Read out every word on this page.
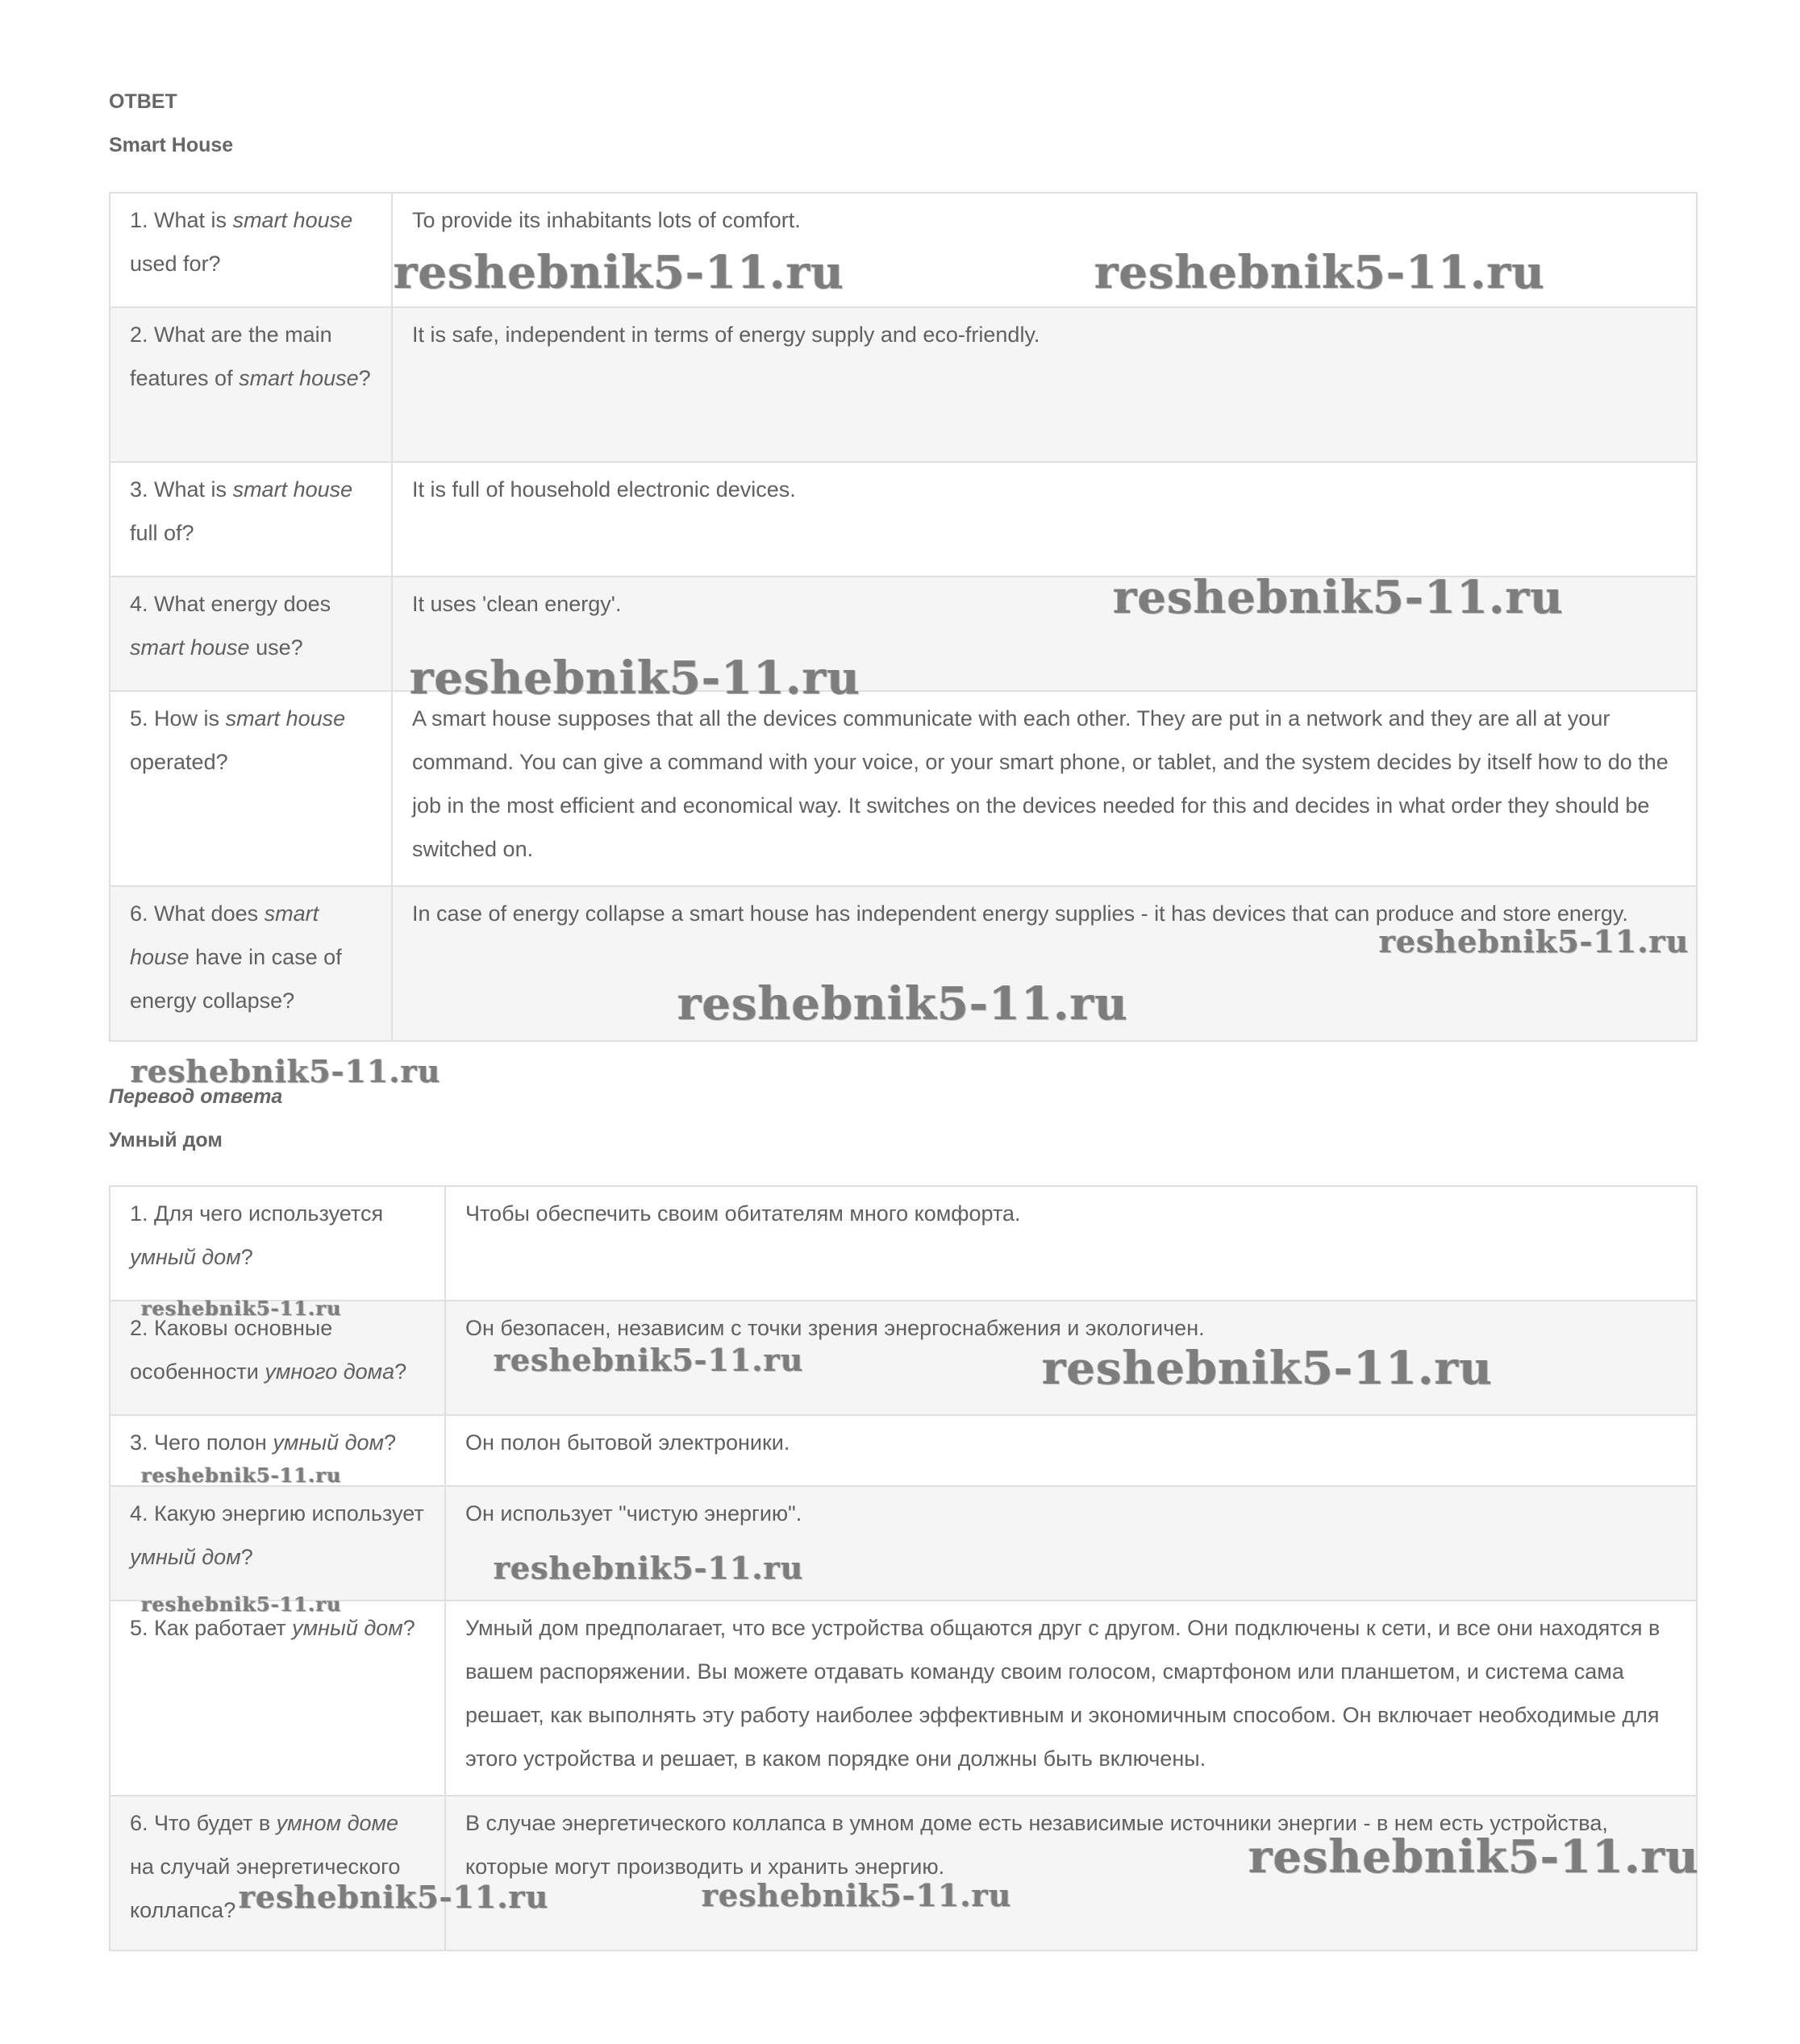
ОТВЕТ

Smart House

1. What is smart house used for?	To provide its inhabitants lots of comfort.
2. What are the main features of smart house?	It is safe, independent in terms of energy supply and eco-friendly.
3. What is smart house full of?	It is full of household electronic devices.
4. What energy does smart house use?	It uses 'clean energy'.
5. How is smart house operated?	A smart house supposes that all the devices communicate with each other. They are put in a network and they are all at your command. You can give a command with your voice, or your smart phone, or tablet, and the system decides by itself how to do the job in the most efficient and economical way. It switches on the devices needed for this and decides in what order they should be switched on.
6. What does smart house have in case of energy collapse?	In case of energy collapse a smart house has independent energy supplies - it has devices that can produce and store energy.

Перевод ответа

Умный дом

1. Для чего используется умный дом?	Чтобы обеспечить своим обитателям много комфорта.
2. Каковы основные особенности умного дома?	Он безопасен, независим с точки зрения энергоснабжения и экологичен.
3. Чего полон умный дом?	Он полон бытовой электроники.
4. Какую энергию использует умный дом?	Он использует "чистую энергию".
5. Как работает умный дом?	Умный дом предполагает, что все устройства общаются друг с другом. Они подключены к сети, и все они находятся в вашем распоряжении. Вы можете отдавать команду своим голосом, смартфоном или планшетом, и система сама решает, как выполнять эту работу наиболее эффективным и экономичным способом. Он включает необходимые для этого устройства и решает, в каком порядке они должны быть включены.
6. Что будет в умном доме на случай энергетического коллапса?	В случае энергетического коллапса в умном доме есть независимые источники энергии - в нем есть устройства, которые могут производить и хранить энергию.
reshebnik5-11.ru	reshebnik5-11.ru
reshebnik5-11.ru
reshebnik5-11.ru
reshebnik5-11.ru
reshebnik5-11.ru
reshebnik5-11.ru
reshebnik5-11.ru
reshebnik5-11.ru	reshebnik5-11.ru
reshebnik5-11.ru
reshebnik5-11.ru
reshebnik5-11.ru
reshebnik5-11.ru
reshebnik5-11.ru	reshebnik5-11.ru
